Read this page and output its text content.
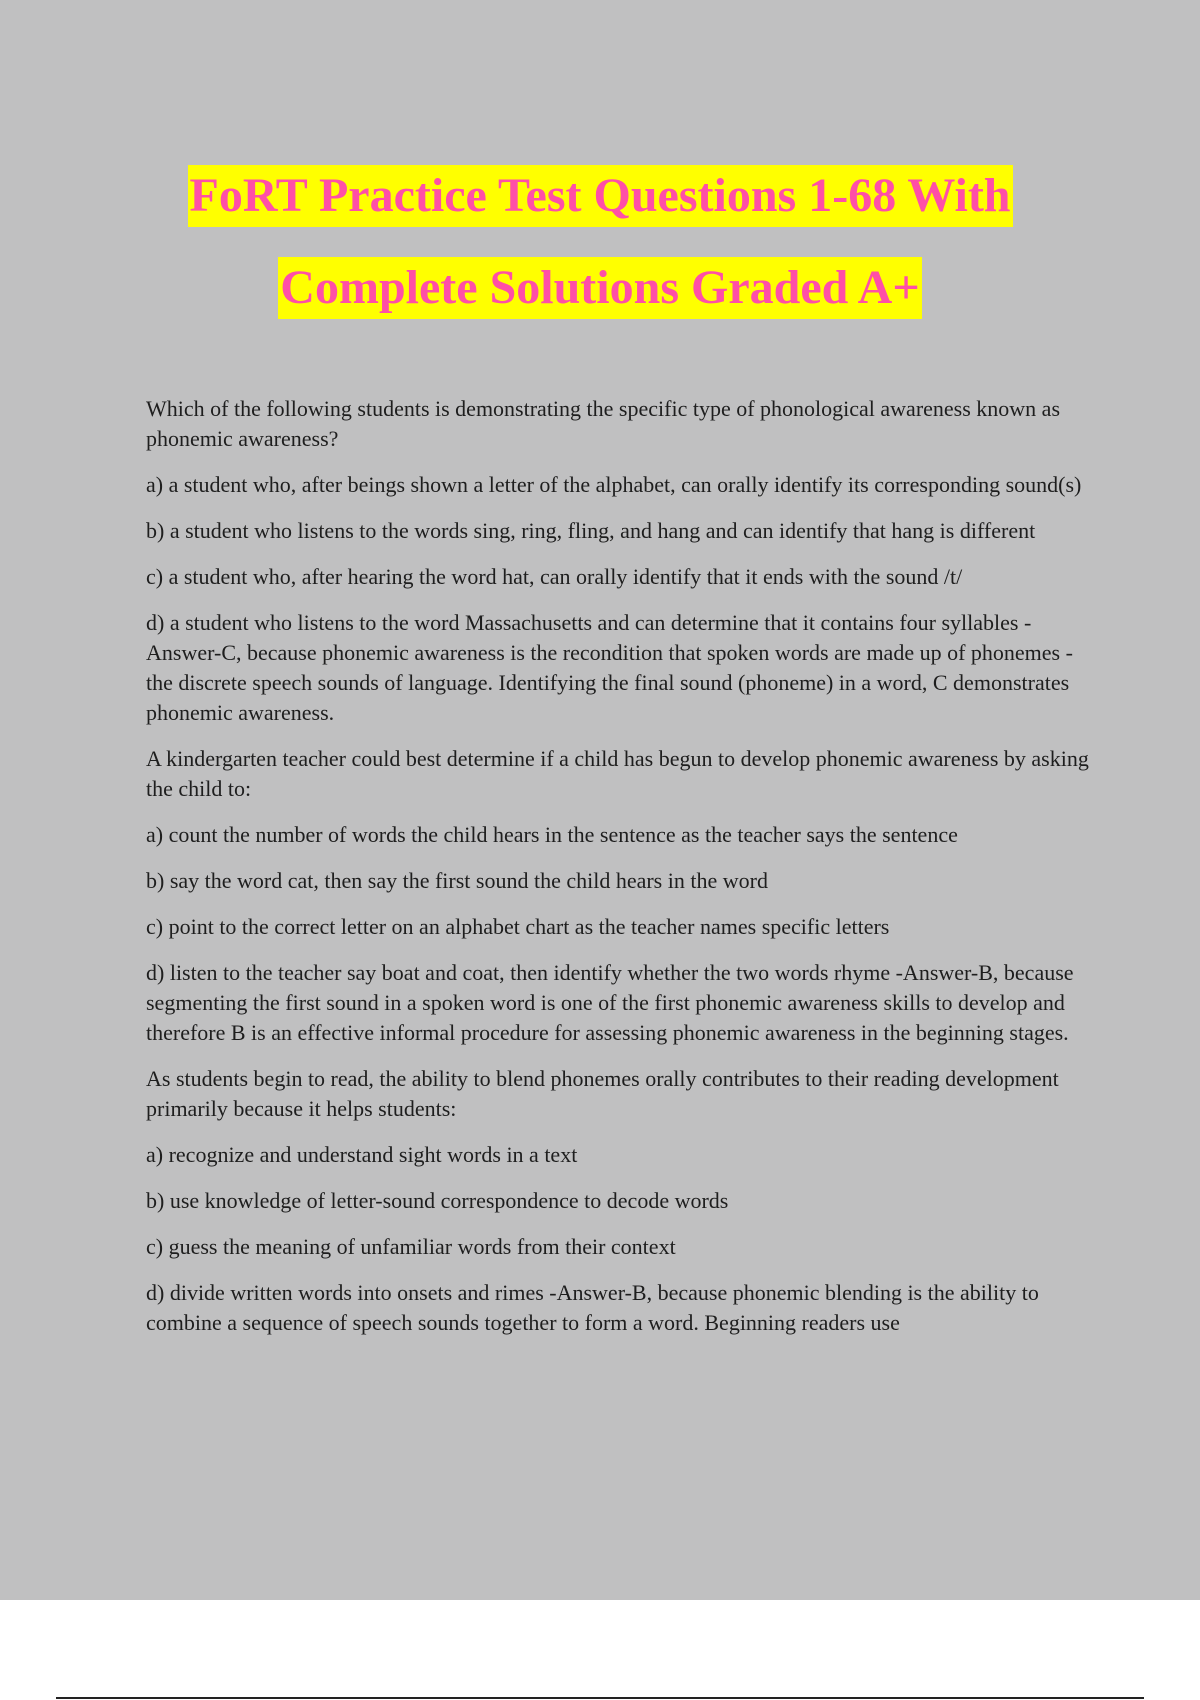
FoRT Practice Test Questions 1-68 With
Complete Solutions Graded A+

Which of the following students is demonstrating the specific type of phonological awareness known as phonemic awareness?

a) a student who, after beings shown a letter of the alphabet, can orally identify its corresponding sound(s)

b) a student who listens to the words sing, ring, fling, and hang and can identify that hang is different

c) a student who, after hearing the word hat, can orally identify that it ends with the sound /t/

d) a student who listens to the word Massachusetts and can determine that it contains four syllables -Answer-C, because phonemic awareness is the recondition that spoken words are made up of phonemes - the discrete speech sounds of language. Identifying the final sound (phoneme) in a word, C demonstrates phonemic awareness.

A kindergarten teacher could best determine if a child has begun to develop phonemic awareness by asking the child to:

a) count the number of words the child hears in the sentence as the teacher says the sentence

b) say the word cat, then say the first sound the child hears in the word

c) point to the correct letter on an alphabet chart as the teacher names specific letters

d) listen to the teacher say boat and coat, then identify whether the two words rhyme -Answer-B, because segmenting the first sound in a spoken word is one of the first phonemic awareness skills to develop and therefore B is an effective informal procedure for assessing phonemic awareness in the beginning stages.

As students begin to read, the ability to blend phonemes orally contributes to their reading development primarily because it helps students:

a) recognize and understand sight words in a text

b) use knowledge of letter-sound correspondence to decode words

c) guess the meaning of unfamiliar words from their context

d) divide written words into onsets and rimes -Answer-B, because phonemic blending is the ability to combine a sequence of speech sounds together to form a word. Beginning readers use
